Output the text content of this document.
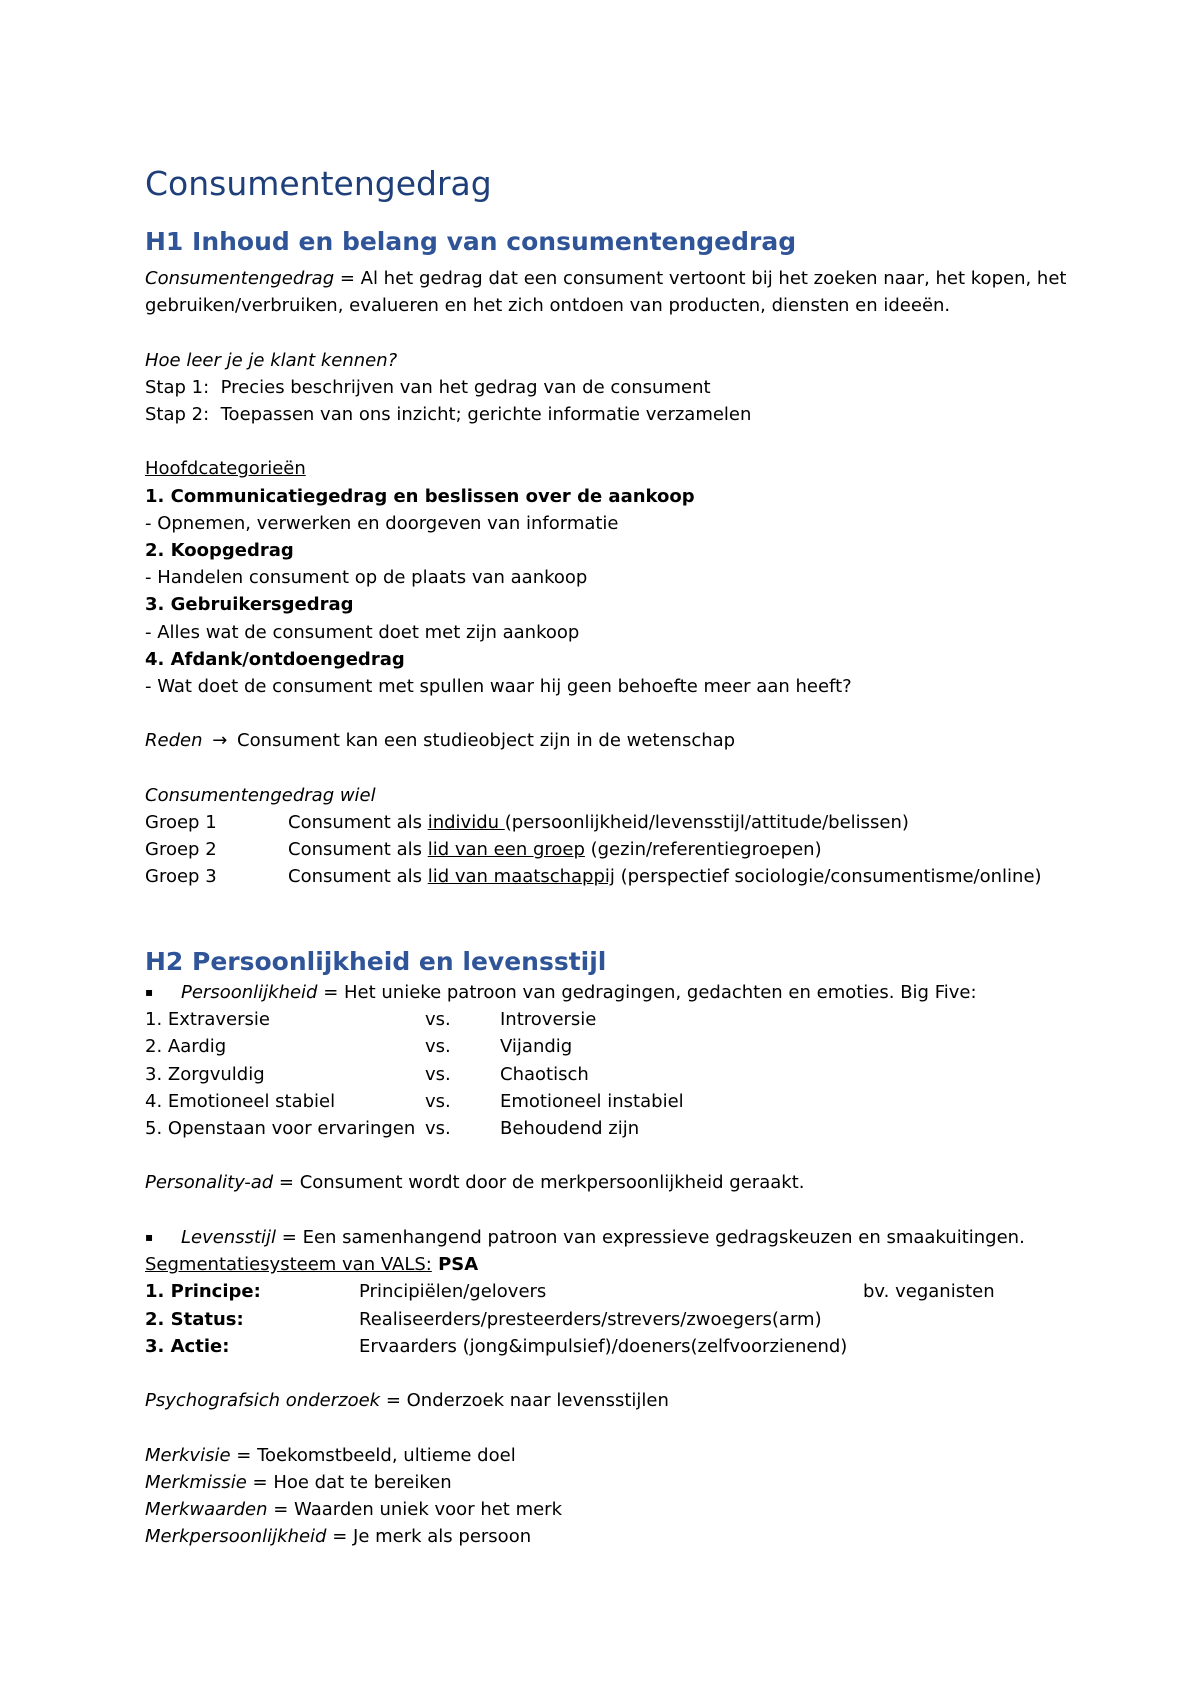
Consumentengedrag
H1 Inhoud en belang van consumentengedrag
Consumentengedrag = Al het gedrag dat een consument vertoont bij het zoeken naar, het kopen, het gebruiken/verbruiken, evalueren en het zich ontdoen van producten, diensten en ideeën.
Hoe leer je je klant kennen?
Stap 1:  Precies beschrijven van het gedrag van de consument
Stap 2:  Toepassen van ons inzicht; gerichte informatie verzamelen
Hoofdcategorieën
1. Communicatiegedrag en beslissen over de aankoop
- Opnemen, verwerken en doorgeven van informatie
2. Koopgedrag
- Handelen consument op de plaats van aankoop
3. Gebruikersgedrag
- Alles wat de consument doet met zijn aankoop
4. Afdank/ontdoengedrag
- Wat doet de consument met spullen waar hij geen behoefte meer aan heeft?
Reden → Consument kan een studieobject zijn in de wetenschap
Consumentengedrag wiel
Groep 1	Consument als individu (persoonlijkheid/levensstijl/attitude/belissen)
Groep 2	Consument als lid van een groep (gezin/referentiegroepen)
Groep 3	Consument als lid van maatschappij (perspectief sociologie/consumentisme/online)
H2 Persoonlijkheid en levensstijl
▪ Persoonlijkheid = Het unieke patroon van gedragingen, gedachten en emoties. Big Five:
1. Extraversie	vs.	Introversie
2. Aardig	vs.	Vijandig
3. Zorgvuldig	vs.	Chaotisch
4. Emotioneel stabiel	vs.	Emotioneel instabiel
5. Openstaan voor ervaringen vs.	Behoudend zijn
Personality-ad = Consument wordt door de merkpersoonlijkheid geraakt.
▪ Levensstijl = Een samenhangend patroon van expressieve gedragskeuzen en smaakuitingen.
Segmentatiesysteem van VALS: PSA
1. Principe:	Principiëlen/gelovers	bv. veganisten
2. Status:	Realiseerders/presteerders/strevers/zwoegers(arm)
3. Actie:	Ervaarders (jong&impulsief)/doeners(zelfvoorzienend)
Psychografsich onderzoek = Onderzoek naar levensstijlen
Merkvisie = Toekomstbeeld, ultieme doel
Merkmissie = Hoe dat te bereiken
Merkwaarden = Waarden uniek voor het merk
Merkpersoonlijkheid = Je merk als persoon
